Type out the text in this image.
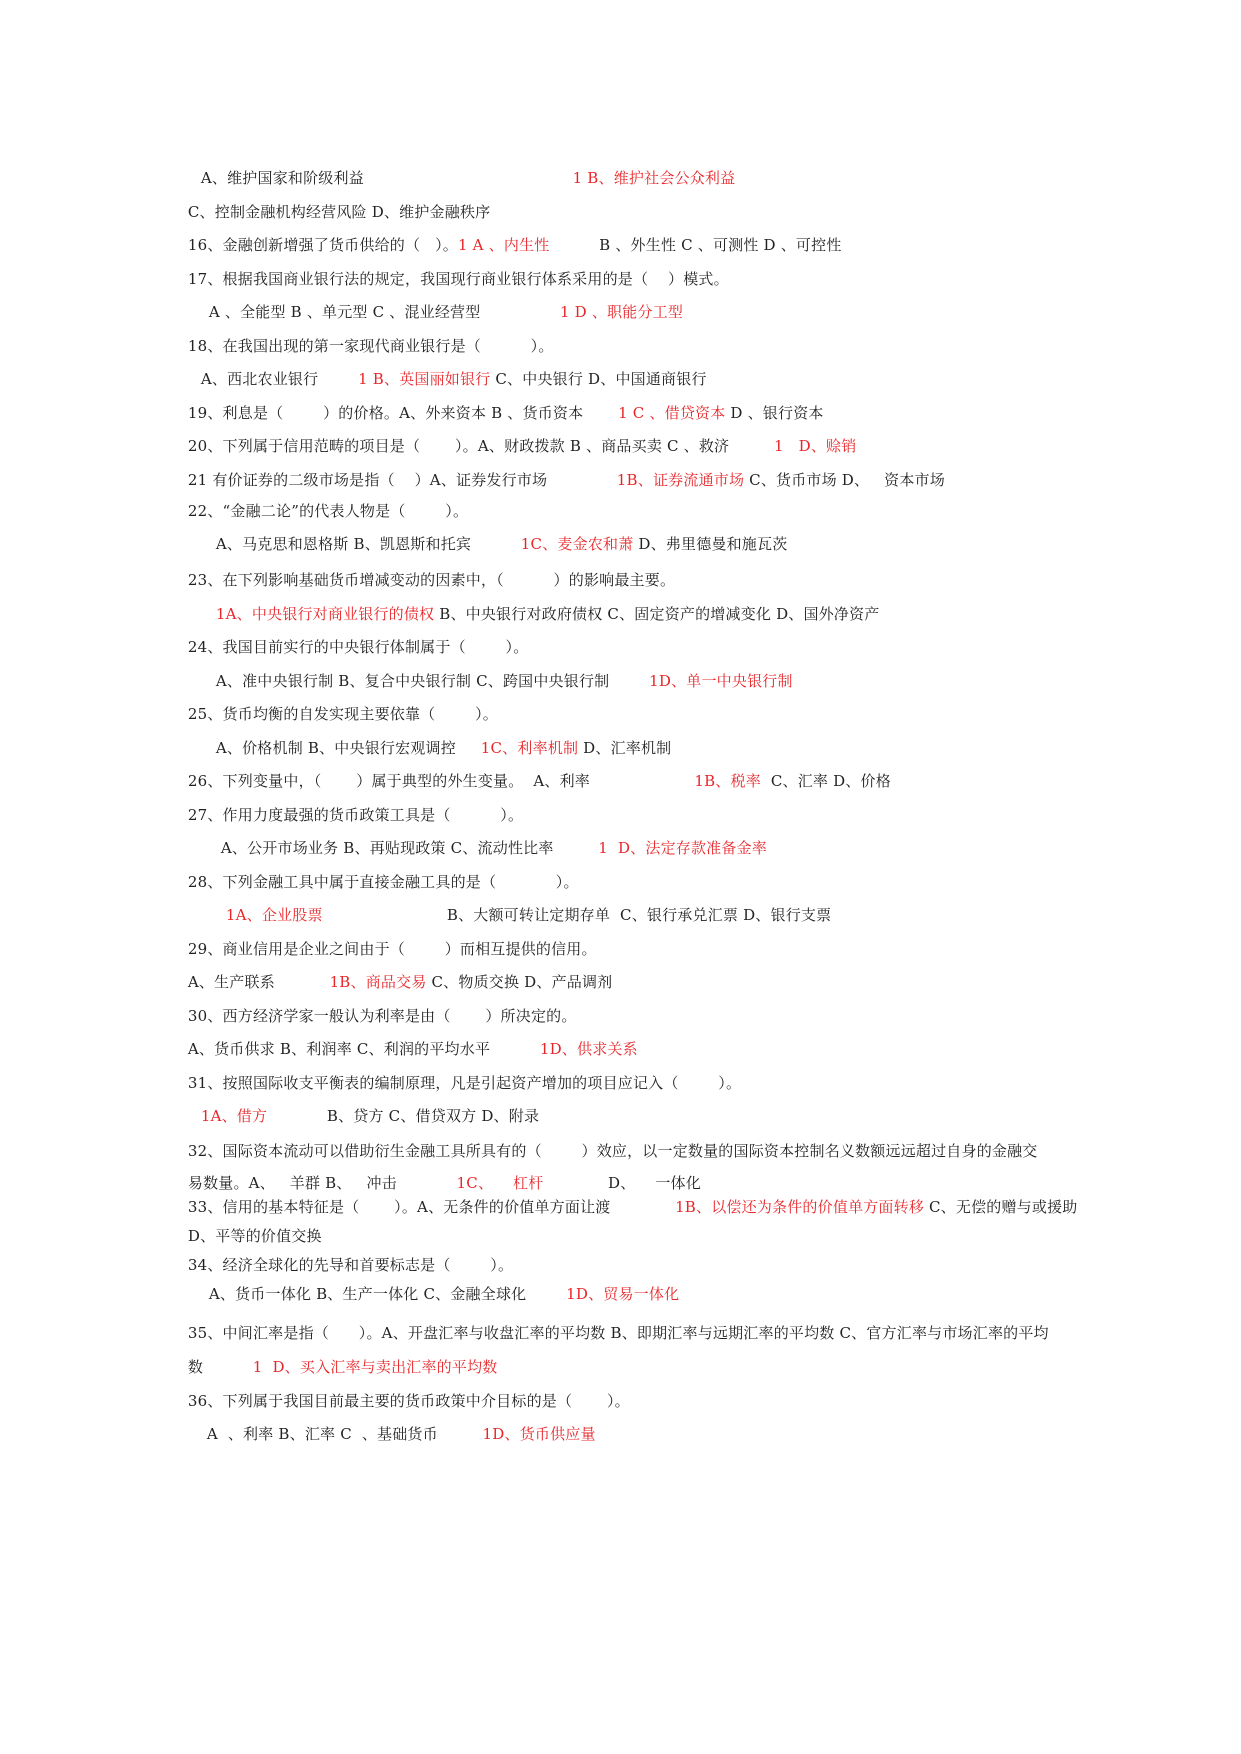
A、维护国家和阶级利益                                          1 B、维护社会公众利益

C、控制金融机构经营风险 D、维护金融秩序

16、金融创新增强了货币供给的（   ）。1 A 、内生性          B 、外生性 C 、可测性 D 、可控性

17、根据我国商业银行法的规定，我国现行商业银行体系采用的是（    ）模式。

A 、全能型 B 、单元型 C 、混业经营型                1 D 、职能分工型

18、在我国出现的第一家现代商业银行是（          ）。

A、西北农业银行        1 B、英国丽如银行 C、中央银行 D、中国通商银行

19、利息是（        ）的价格。A、外来资本 B 、货币资本       1 C 、借贷资本 D 、银行资本

20、下列属于信用范畴的项目是（       ）。A、财政拨款 B 、商品买卖 C 、救济         1   D、赊销

21 有价证券的二级市场是指（    ）A、证券发行市场              1B、证券流通市场 C、货币市场 D、   资本市场

22、“金融二论”的代表人物是（        ）。

A、马克思和恩格斯 B、凯恩斯和托宾          1C、麦金农和萧 D、弗里德曼和施瓦茨

23、在下列影响基础货币增减变动的因素中，（          ）的影响最主要。

1A、中央银行对商业银行的债权 B、中央银行对政府债权 C、固定资产的增减变化 D、国外净资产

24、我国目前实行的中央银行体制属于（        ）。

A、准中央银行制 B、复合中央银行制 C、跨国中央银行制        1D、单一中央银行制

25、货币均衡的自发实现主要依靠（        ）。

A、价格机制 B、中央银行宏观调控     1C、利率机制 D、汇率机制

26、下列变量中，（       ）属于典型的外生变量。  A、利率                     1B、税率  C、汇率 D、价格

27、作用力度最强的货币政策工具是（          ）。

A、公开市场业务 B、再贴现政策 C、流动性比率         1  D、法定存款准备金率

28、下列金融工具中属于直接金融工具的是（            ）。

1A、企业股票                         B、大额可转让定期存单  C、银行承兑汇票 D、银行支票

29、商业信用是企业之间由于（        ）而相互提供的信用。

A、生产联系           1B、商品交易 C、物质交换 D、产品调剂

30、西方经济学家一般认为利率是由（       ）所决定的。

A、货币供求 B、利润率 C、利润的平均水平          1D、供求关系

31、按照国际收支平衡表的编制原理，凡是引起资产增加的项目应记入（        ）。

1A、借方            B、贷方 C、借贷双方 D、附录

32、国际资本流动可以借助衍生金融工具所具有的（        ）效应，以一定数量的国际资本控制名义数额远远超过自身的金融交

易数量。A、   羊群 B、   冲击            1C、    杠杆             D、    一体化

33、信用的基本特征是（       ）。A、无条件的价值单方面让渡             1B、以偿还为条件的价值单方面转移 C、无偿的赠与或援助

D、平等的价值交换

34、经济全球化的先导和首要标志是（        ）。

A、货币一体化 B、生产一体化 C、金融全球化        1D、贸易一体化

35、中间汇率是指（      ）。A、开盘汇率与收盘汇率的平均数 B、即期汇率与远期汇率的平均数 C、官方汇率与市场汇率的平均

数          1  D、买入汇率与卖出汇率的平均数

36、下列属于我国目前最主要的货币政策中介目标的是（       ）。

A  、利率 B、汇率 C  、基础货币         1D、货币供应量
